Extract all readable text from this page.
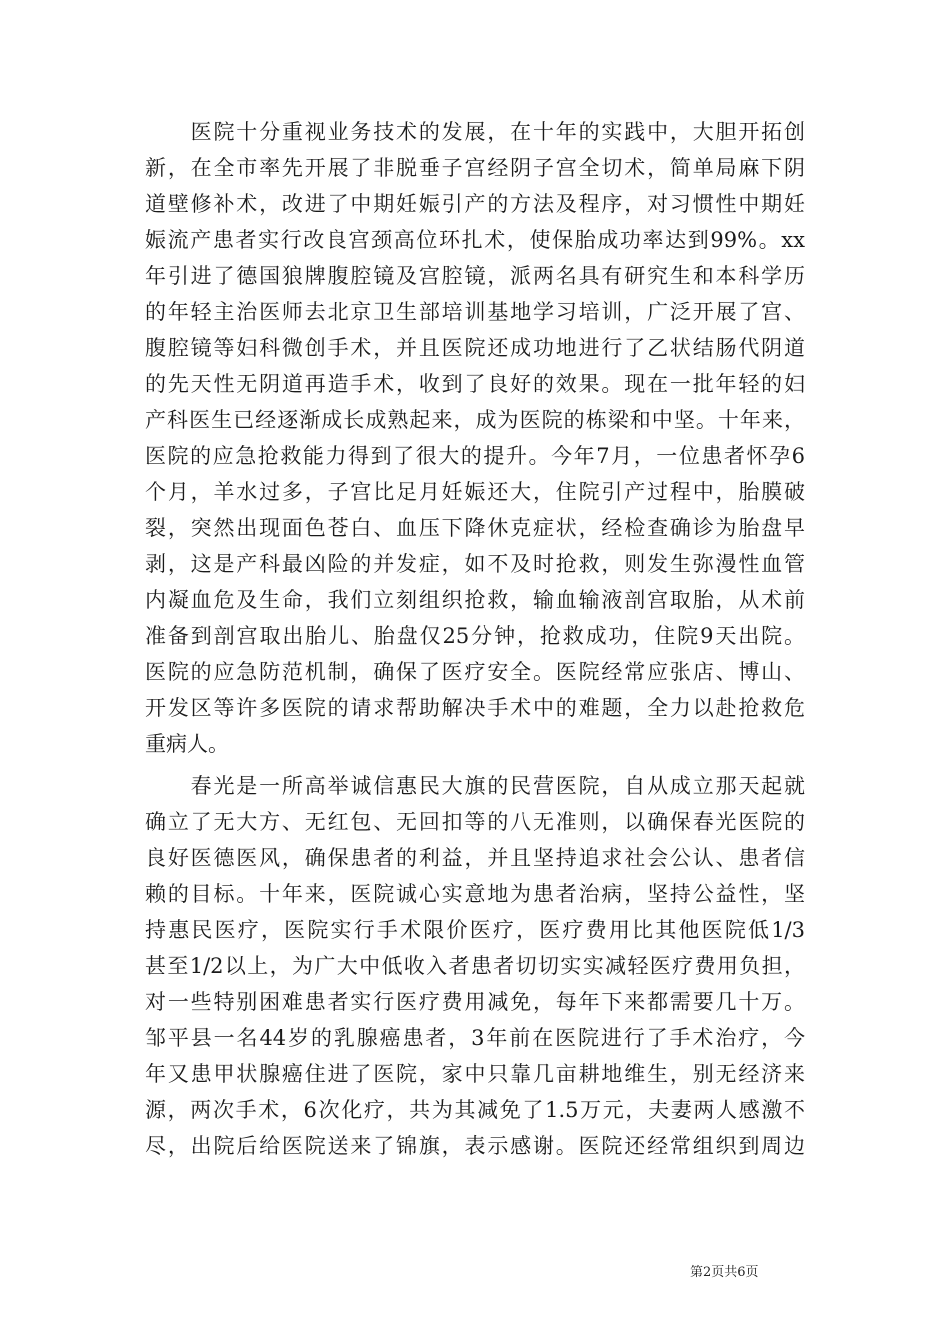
　　医院十分重视业务技术的发展，在十年的实践中，大胆开拓创
新，在全市率先开展了非脱垂子宫经阴子宫全切术，简单局麻下阴
道壁修补术，改进了中期妊娠引产的方法及程序，对习惯性中期妊
娠流产患者实行改良宫颈高位环扎术，使保胎成功率达到99%。xx
年引进了德国狼牌腹腔镜及宫腔镜，派两名具有研究生和本科学历
的年轻主治医师去北京卫生部培训基地学习培训，广泛开展了宫、
腹腔镜等妇科微创手术，并且医院还成功地进行了乙状结肠代阴道
的先天性无阴道再造手术，收到了良好的效果。现在一批年轻的妇
产科医生已经逐渐成长成熟起来，成为医院的栋梁和中坚。十年来，
医院的应急抢救能力得到了很大的提升。今年7月，一位患者怀孕6
个月，羊水过多，子宫比足月妊娠还大，住院引产过程中，胎膜破
裂，突然出现面色苍白、血压下降休克症状，经检查确诊为胎盘早
剥，这是产科最凶险的并发症，如不及时抢救，则发生弥漫性血管
内凝血危及生命，我们立刻组织抢救，输血输液剖宫取胎，从术前
准备到剖宫取出胎儿、胎盘仅25分钟，抢救成功，住院9天出院。
医院的应急防范机制，确保了医疗安全。医院经常应张店、博山、
开发区等许多医院的请求帮助解决手术中的难题，全力以赴抢救危
重病人。
　　春光是一所高举诚信惠民大旗的民营医院，自从成立那天起就
确立了无大方、无红包、无回扣等的八无准则，以确保春光医院的
良好医德医风，确保患者的利益，并且坚持追求社会公认、患者信
赖的目标。十年来，医院诚心实意地为患者治病，坚持公益性，坚
持惠民医疗，医院实行手术限价医疗，医疗费用比其他医院低1/3
甚至1/2以上，为广大中低收入者患者切切实实减轻医疗费用负担，
对一些特别困难患者实行医疗费用减免，每年下来都需要几十万。
邹平县一名44岁的乳腺癌患者，3年前在医院进行了手术治疗，今
年又患甲状腺癌住进了医院，家中只靠几亩耕地维生，别无经济来
源，两次手术，6次化疗，共为其减免了1.5万元，夫妻两人感激不
尽，出院后给医院送来了锦旗，表示感谢。医院还经常组织到周边
第2页共6页
